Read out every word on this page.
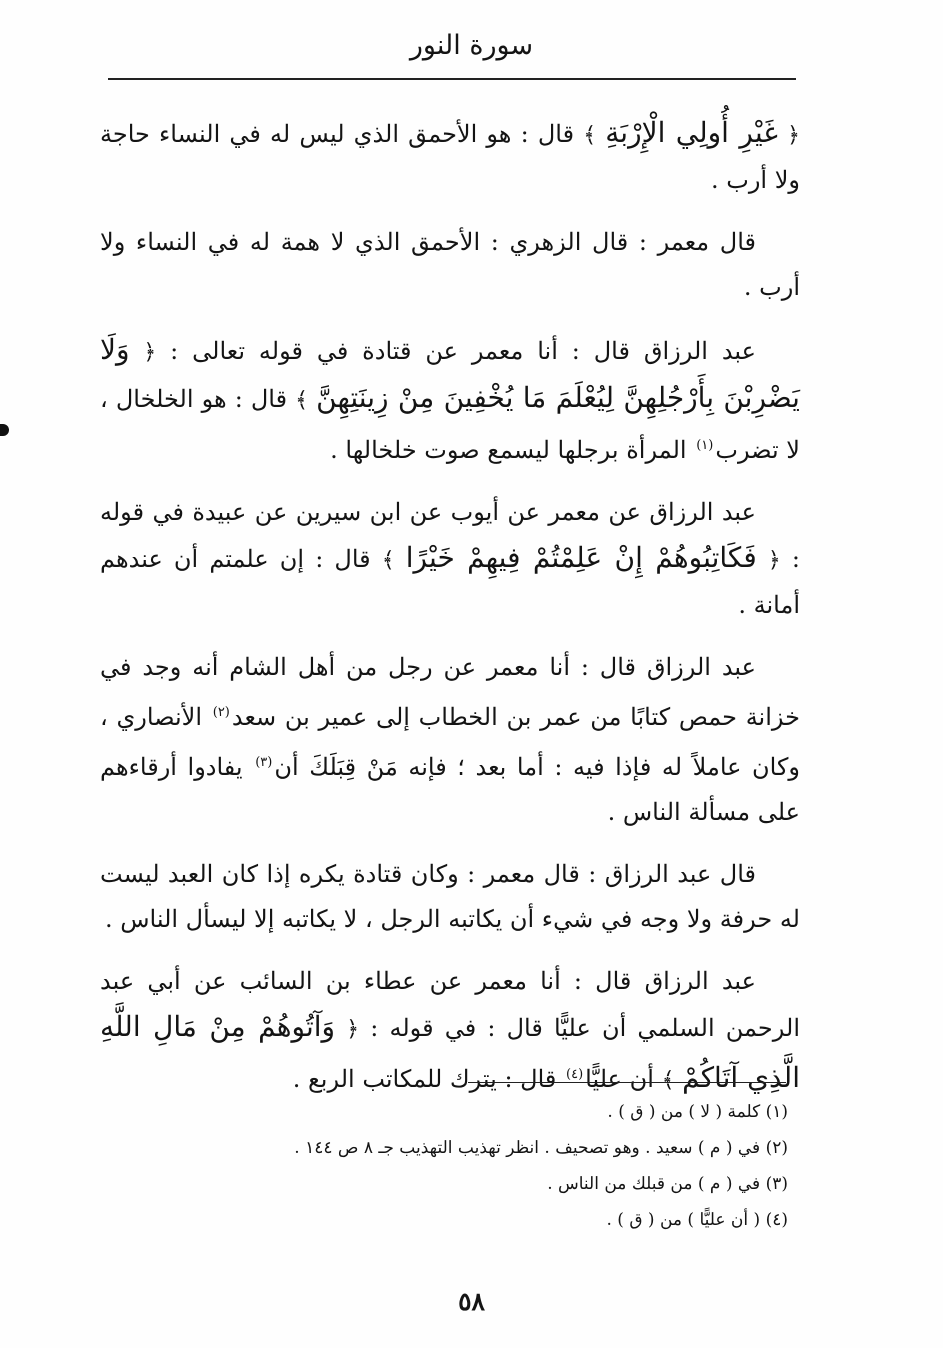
سورة النور

﴿ غَيْرِ أُولِي الْإِرْبَةِ ﴾ قال : هو الأحمق الذي ليس له في النساء حاجة ولا أرب .

قال معمر : قال الزهري : الأحمق الذي لا همة له في النساء ولا أرب .

عبد الرزاق قال : أنا معمر عن قتادة في قوله تعالى : ﴿ وَلَا يَضْرِبْنَ بِأَرْجُلِهِنَّ لِيُعْلَمَ مَا يُخْفِينَ مِنْ زِينَتِهِنَّ ﴾ قال : هو الخلخال ، لا تضرب$^{(١)}$ المرأة برجلها ليسمع صوت خلخالها .

عبد الرزاق عن معمر عن أيوب عن ابن سيرين عن عبيدة في قوله : ﴿ فَكَاتِبُوهُمْ إِنْ عَلِمْتُمْ فِيهِمْ خَيْرًا ﴾ قال : إن علمتم أن عندهم أمانة .

عبد الرزاق قال : أنا معمر عن رجل من أهل الشام أنه وجد في خزانة حمص كتابًا من عمر بن الخطاب إلى عمير بن سعد$^{(٢)}$ الأنصاري ، وكان عاملاً له فإذا فيه : أما بعد ؛ فإنه مَنْ قِبَلَكَ أن$^{(٣)}$ يفادوا أرقاءهم على مسألة الناس .

قال عبد الرزاق : قال معمر : وكان قتادة يكره إذا كان العبد ليست له حرفة ولا وجه في شيء أن يكاتبه الرجل ، لا يكاتبه إلا ليسأل الناس .

عبد الرزاق قال : أنا معمر عن عطاء بن السائب عن أبي عبد الرحمن السلمي أن عليًّا قال : في قوله : ﴿ وَآتُوهُمْ مِنْ مَالِ اللَّهِ الَّذِي آتَاكُمْ ﴾ أن عليًّا$^{(٤)}$ قال : يترك للمكاتب الربع .

(١) كلمة ( لا ) من ( ق ) .

(٢) في ( م ) سعيد . وهو تصحيف . انظر تهذيب التهذيب جـ ٨ ص ١٤٤ .

(٣) في ( م ) من قبلك من الناس .

(٤) ( أن عليًّا ) من ( ق ) .

٥٨
